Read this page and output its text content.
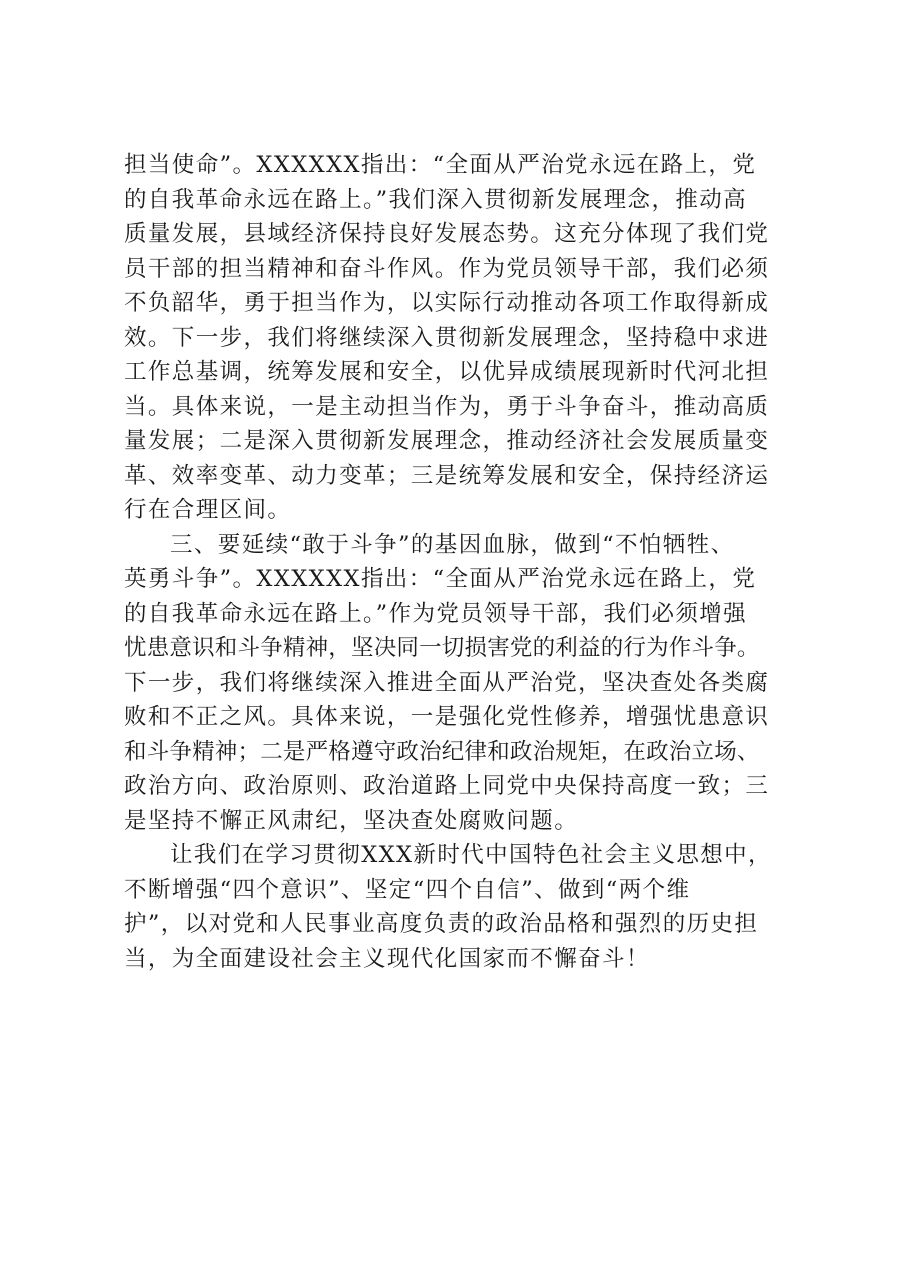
担当使命”。XXXXXX指出：“全面从严治党永远在路上，党
的自我革命永远在路上。”我们深入贯彻新发展理念，推动高
质量发展，县域经济保持良好发展态势。这充分体现了我们党
员干部的担当精神和奋斗作风。作为党员领导干部，我们必须
不负韶华，勇于担当作为，以实际行动推动各项工作取得新成
效。下一步，我们将继续深入贯彻新发展理念，坚持稳中求进
工作总基调，统筹发展和安全，以优异成绩展现新时代河北担
当。具体来说，一是主动担当作为，勇于斗争奋斗，推动高质
量发展；二是深入贯彻新发展理念，推动经济社会发展质量变
革、效率变革、动力变革；三是统筹发展和安全，保持经济运
行在合理区间。
三、要延续“敢于斗争”的基因血脉，做到“不怕牺牲、
英勇斗争”。XXXXXX指出：“全面从严治党永远在路上，党
的自我革命永远在路上。”作为党员领导干部，我们必须增强
忧患意识和斗争精神，坚决同一切损害党的利益的行为作斗争。
下一步，我们将继续深入推进全面从严治党，坚决查处各类腐
败和不正之风。具体来说，一是强化党性修养，增强忧患意识
和斗争精神；二是严格遵守政治纪律和政治规矩，在政治立场、
政治方向、政治原则、政治道路上同党中央保持高度一致；三
是坚持不懈正风肃纪，坚决查处腐败问题。
让我们在学习贯彻XXX新时代中国特色社会主义思想中，
不断增强“四个意识”、坚定“四个自信”、做到“两个维
护”，以对党和人民事业高度负责的政治品格和强烈的历史担
当，为全面建设社会主义现代化国家而不懈奋斗！
